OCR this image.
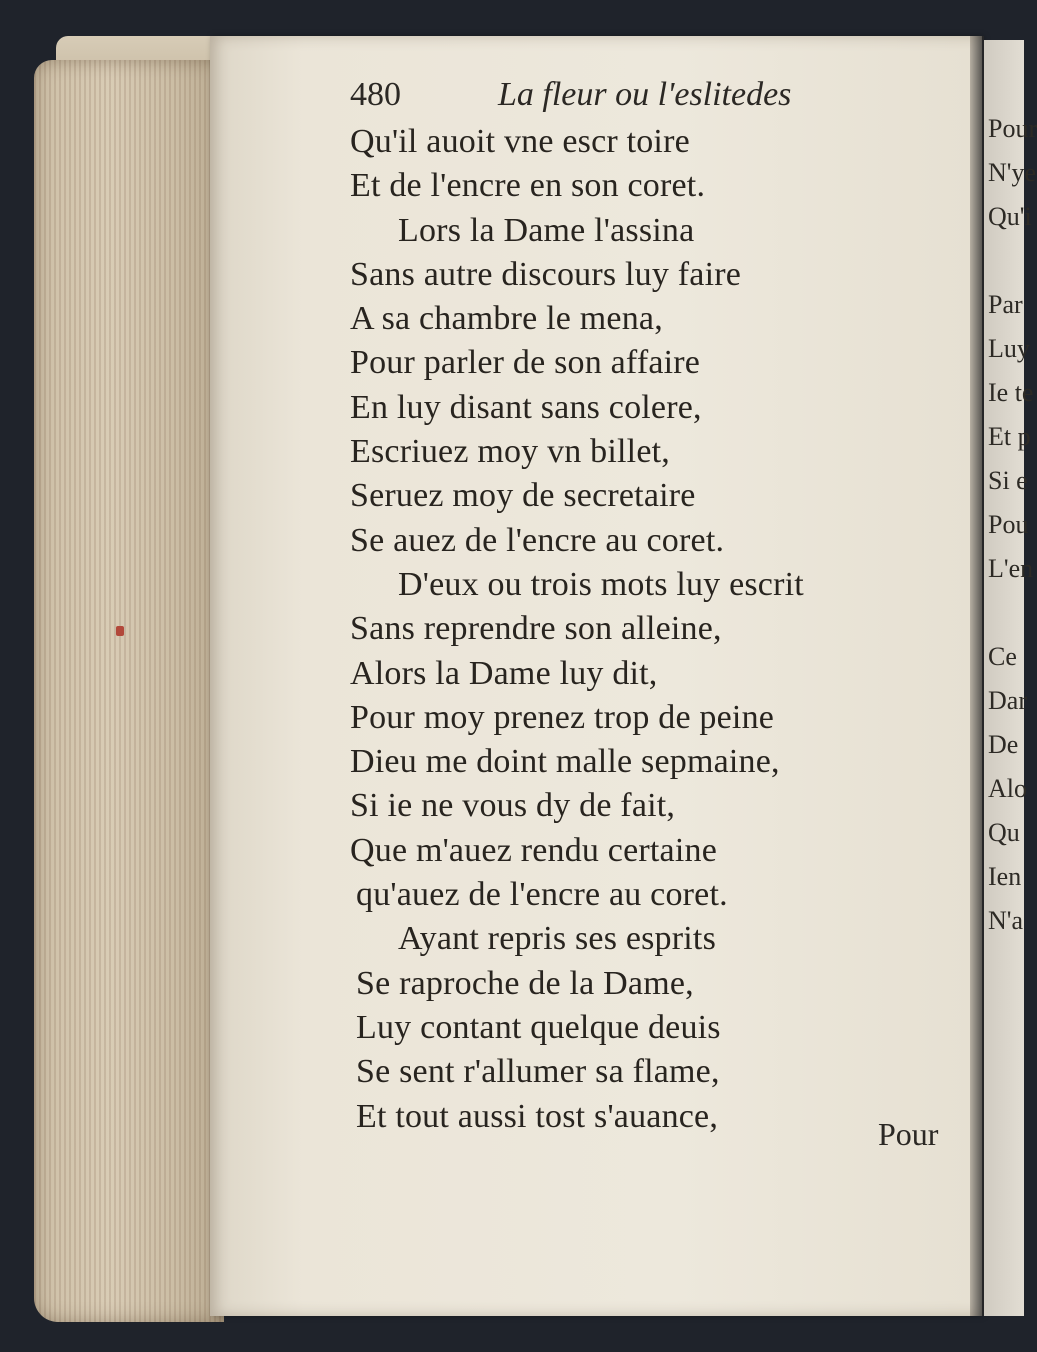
480	La fleur ou l'eslitedes
Qu'il auoit vne escr toire
Et de l'encre en son coret.
Lors la Dame l'assina
Sans autre discours luy faire
A sa chambre le mena,
Pour parler de son affaire
En luy disant sans colere,
Escriuez moy vn billet,
Seruez moy de secretaire
Se auez de l'encre au coret.
D'eux ou trois mots luy escrit
Sans reprendre son alleine,
Alors la Dame luy dit,
Pour moy prenez trop de peine
Dieu me doint malle sepmaine,
Si ie ne vous dy de fait,
Que m'auez rendu certaine
qu'auez de l'encre au coret.
Ayant repris ses esprits
Se raproche de la Dame,
Luy contant quelque deuis
Se sent r'allumer sa flame,
Et tout aussi tost s'auance,	Pour
Pour
N'ye
Qu'i
Par
Luy
Ie te
Et p
Si e
Pou
L'en
Ce
Dar
De
Alo
Qu
Ien
N'a
